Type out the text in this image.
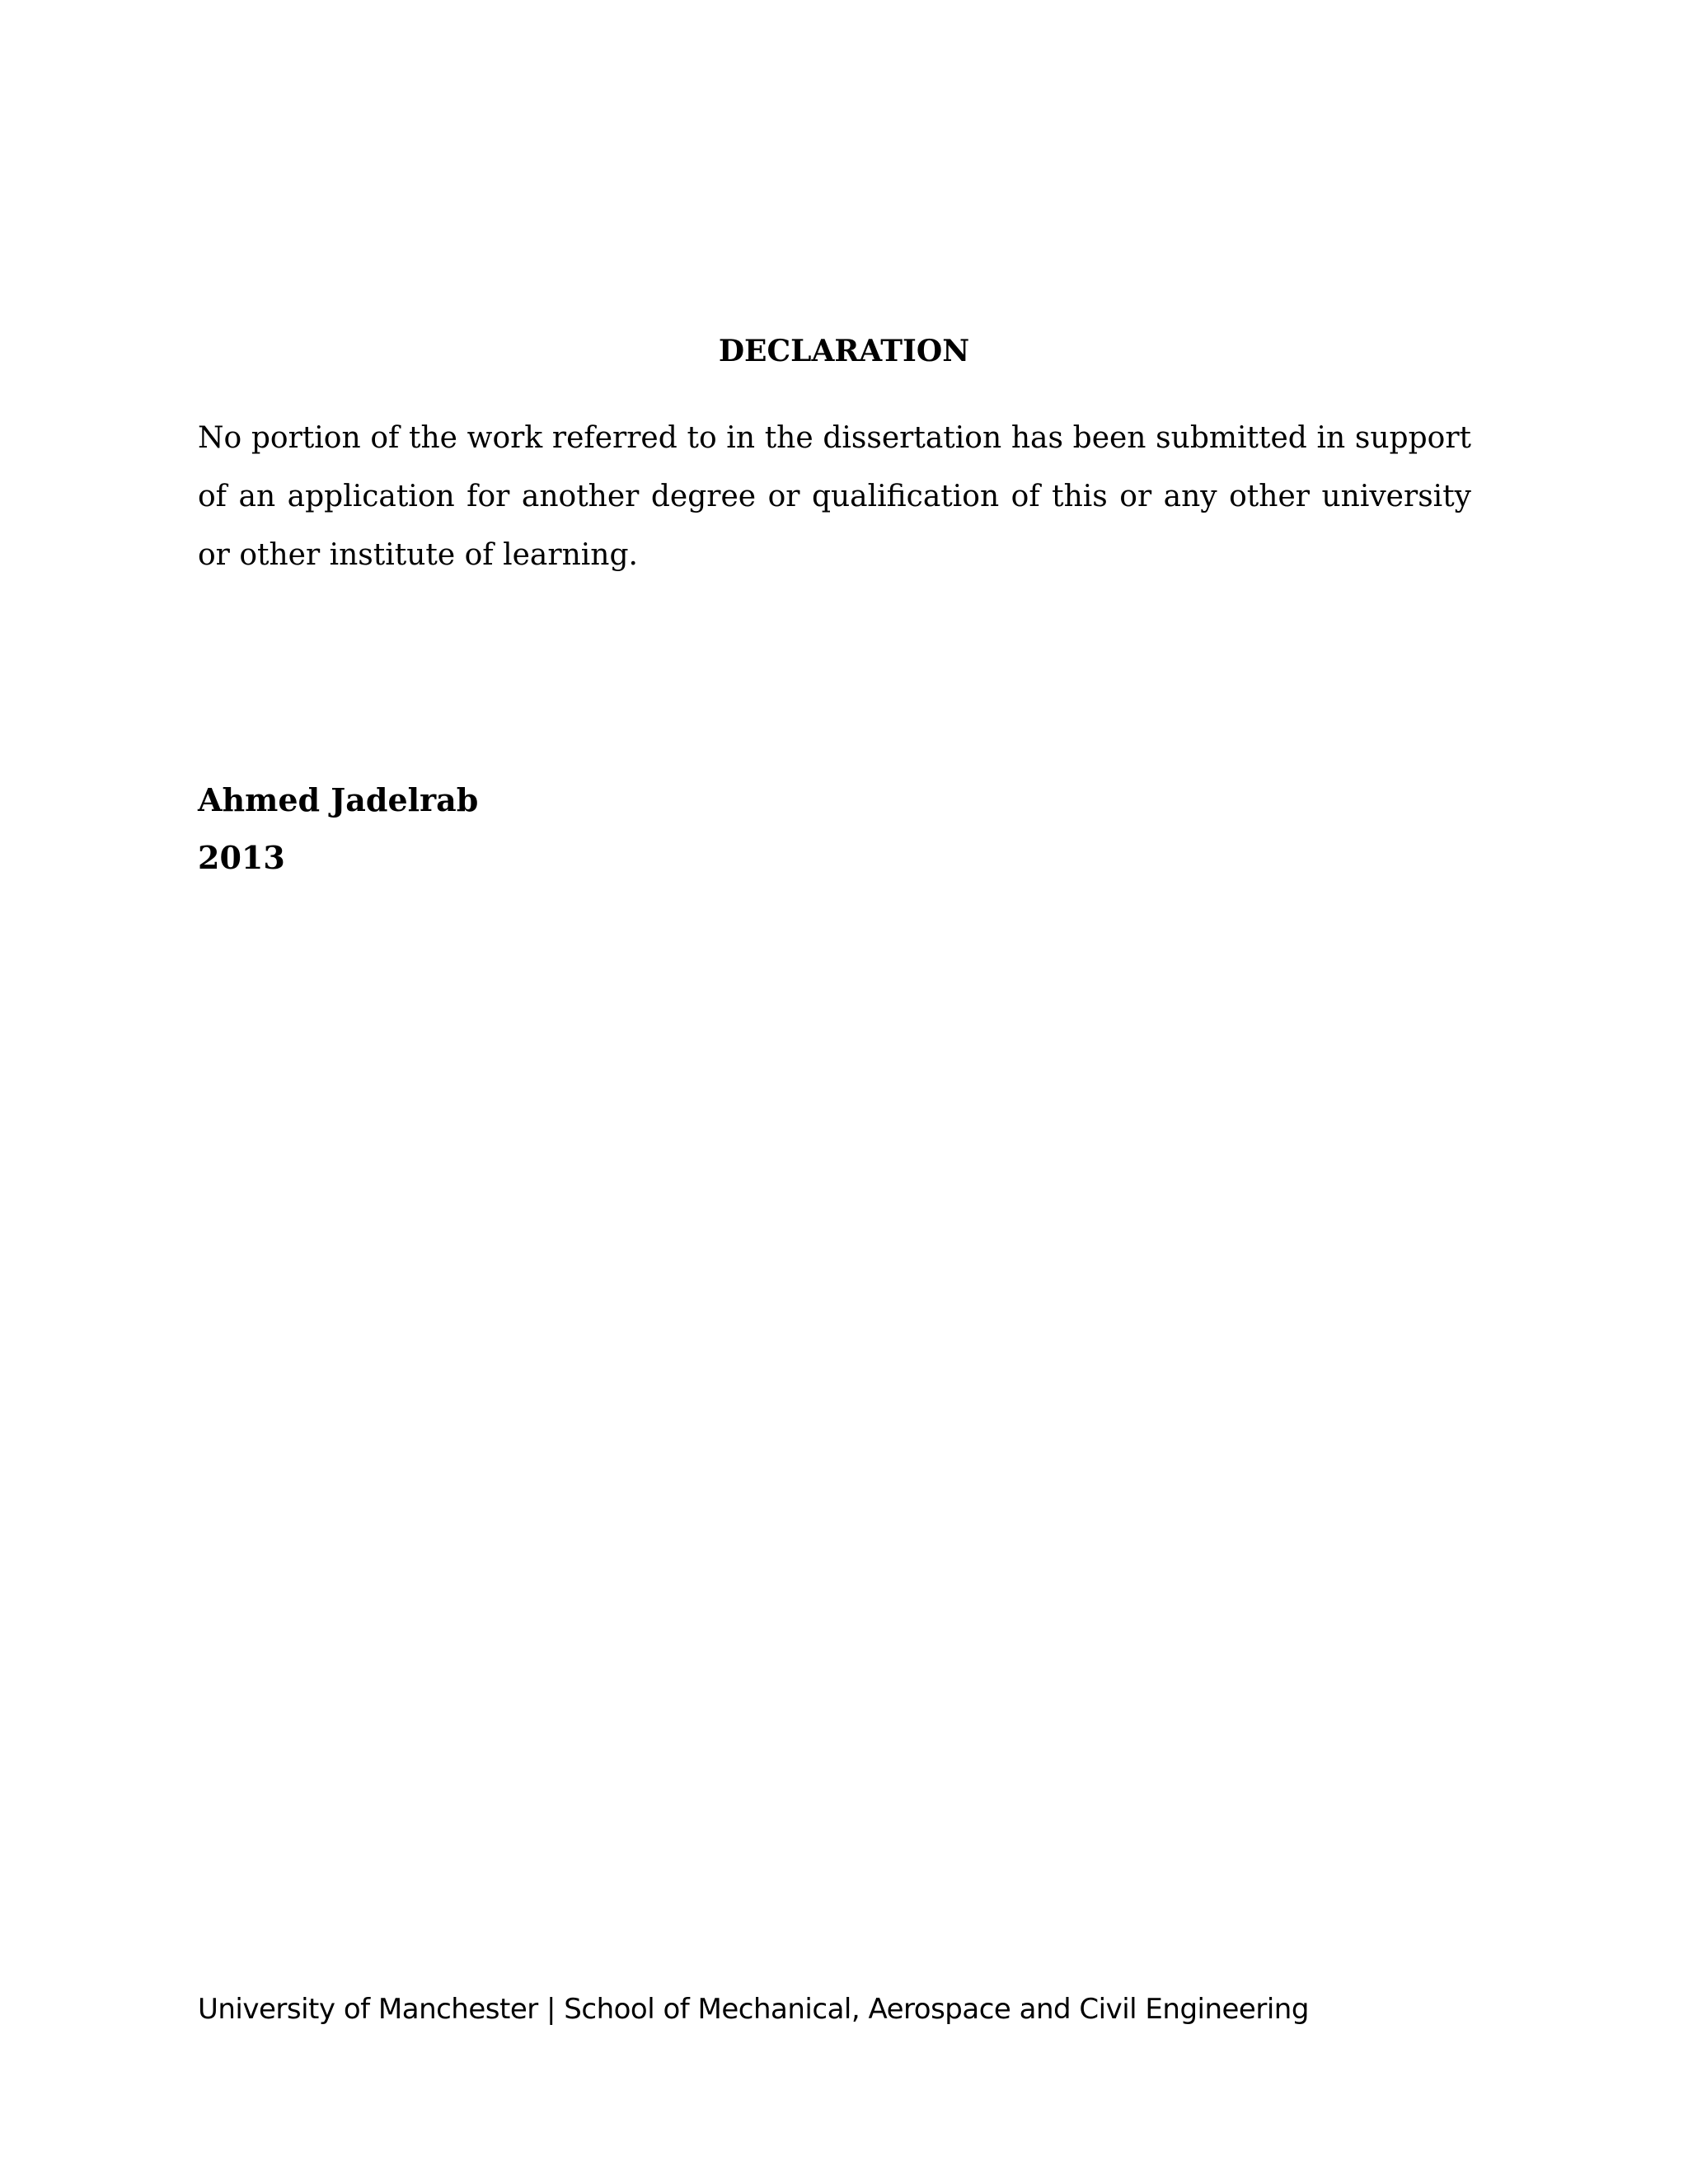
DECLARATION

No portion of the work referred to in the dissertation has been submitted in support of an application for another degree or qualification of this or any other university or other institute of learning.

Ahmed Jadelrab

2013

University of Manchester | School of Mechanical, Aerospace and Civil Engineering
